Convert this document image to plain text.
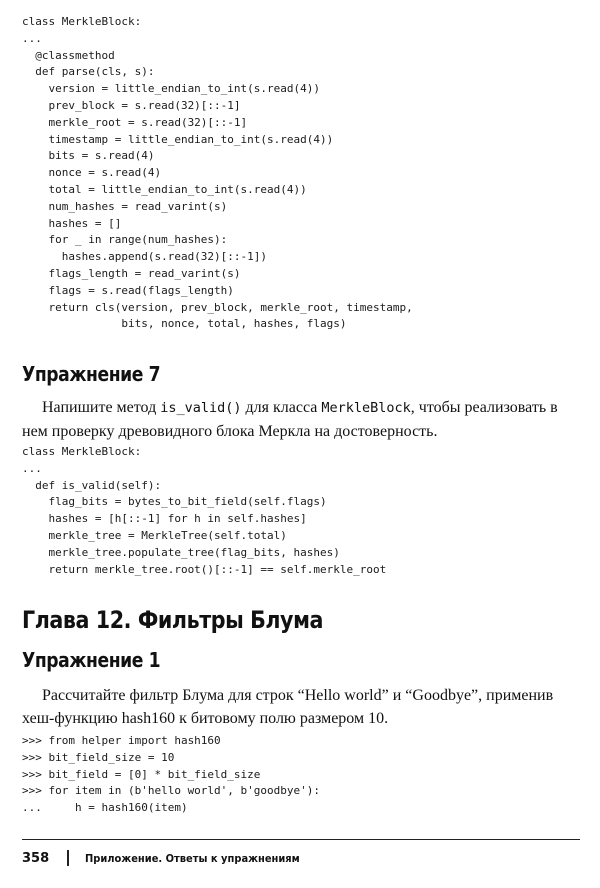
class MerkleBlock:
...
@classmethod
def parse(cls, s):
version = little_endian_to_int(s.read(4))
prev_block = s.read(32)[::-1]
merkle_root = s.read(32)[::-1]
timestamp = little_endian_to_int(s.read(4))
bits = s.read(4)
nonce = s.read(4)
total = little_endian_to_int(s.read(4))
num_hashes = read_varint(s)
hashes = []
for _ in range(num_hashes):
hashes.append(s.read(32)[::-1])
flags_length = read_varint(s)
flags = s.read(flags_length)
return cls(version, prev_block, merkle_root, timestamp,
bits, nonce, total, hashes, flags)
Упражнение 7

Напишите метод is_valid() для класса MerkleBlock, чтобы реализовать в нем проверку древовидного блока Меркла на достоверность.

class MerkleBlock:
...
def is_valid(self):
flag_bits = bytes_to_bit_field(self.flags)
hashes = [h[::-1] for h in self.hashes]
merkle_tree = MerkleTree(self.total)
merkle_tree.populate_tree(flag_bits, hashes)
return merkle_tree.root()[::-1] == self.merkle_root
Глава 12. Фильтры Блума
Упражнение 1

Рассчитайте фильтр Блума для строк “Hello world” и “Goodbye”, применив хеш-функцию hash160 к битовому полю размером 10.

>>> from helper import hash160
>>> bit_field_size = 10
>>> bit_field = [0] * bit_field_size
>>> for item in (b'hello world', b'goodbye'):
...     h = hash160(item)
358	Приложение. Ответы к упражнениям
